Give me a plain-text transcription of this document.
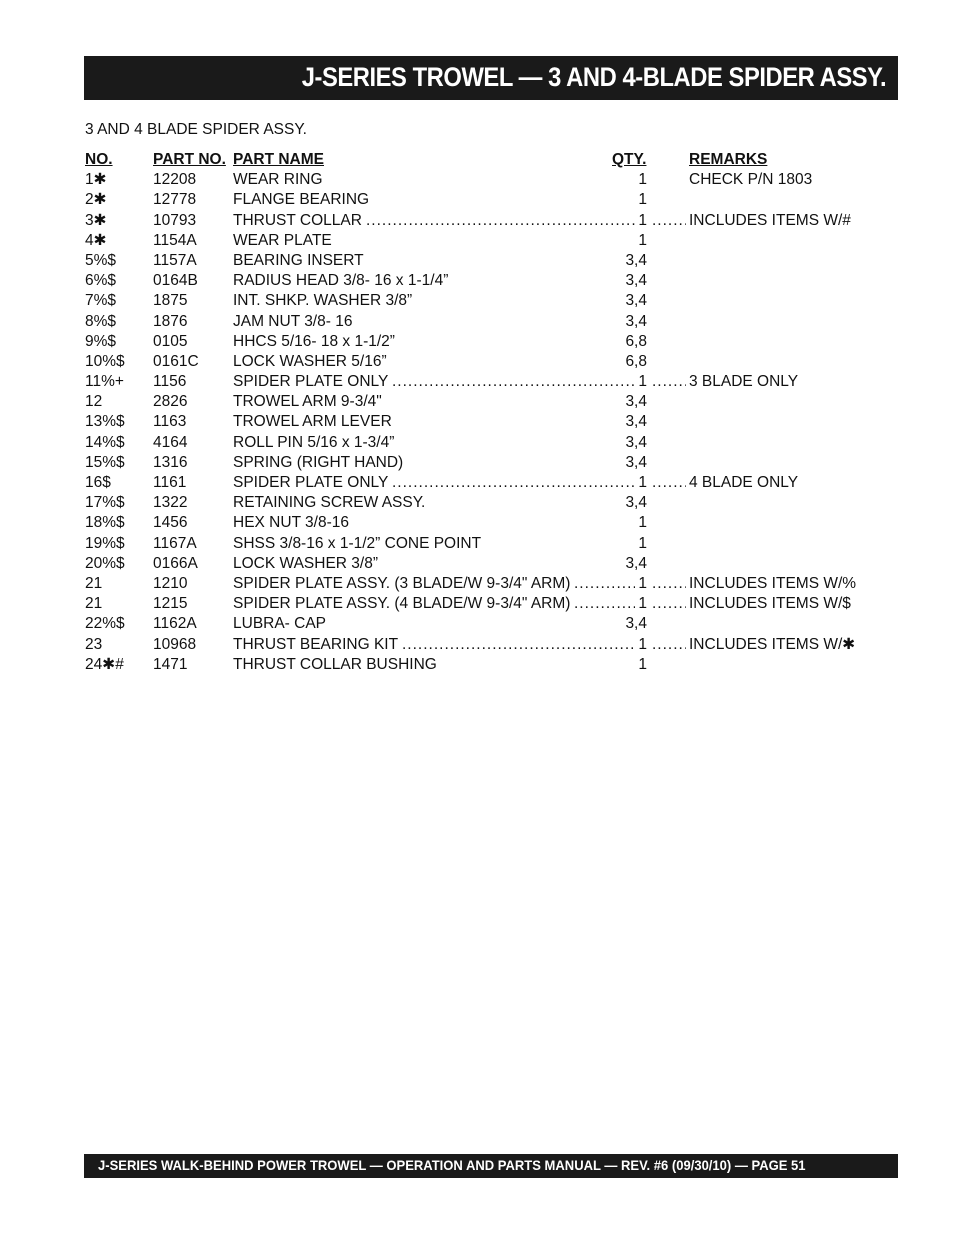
J-SERIES TROWEL — 3 AND 4-BLADE SPIDER ASSY.
3 AND 4 BLADE SPIDER ASSY.
NO.	PART NO. PART NAME	QTY.	REMARKS
1✱	12208 WEAR RING	1	CHECK P/N 1803
2✱	12778 FLANGE BEARING	1
3✱	10793 THRUST COLLAR	1	INCLUDES ITEMS W/#
.....
.....
4✱	1154A WEAR PLATE	1
5%$ 1157A BEARING INSERT	3,4
6%$ 0164B RADIUS HEAD 3/8- 16 x 1-1/4”	3,4
7%$ 1875	INT. SHKP. WASHER 3/8”	3,4
8%$ 1876	JAM NUT 3/8- 16	3,4
9%$ 0105	HHCS 5/16- 18 x 1-1/2”	6,8
10%$ 0161C LOCK WASHER 5/16”	6,8
11%+ 1156	SPIDER PLATE ONLY	1	3 BLADE ONLY
.....
.....
12	2826	TROWEL ARM 9-3/4"	3,4
13%$ 1163	TROWEL ARM LEVER	3,4
14%$ 4164	ROLL PIN 5/16 x 1-3/4”	3,4
15%$ 1316	SPRING (RIGHT HAND)	3,4
16$	1161	SPIDER PLATE ONLY	1	4 BLADE ONLY
.....
.....
17%$ 1322	RETAINING SCREW ASSY.	3,4
18%$ 1456	HEX NUT 3/8-16	1
19%$ 1167A SHSS 3/8-16 x 1-1/2” CONE POINT	1
20%$ 0166A LOCK WASHER 3/8”	3,4
21	1210	SPIDER PLATE ASSY. (3 BLADE/W 9-3/4" ARM)	1	INCLUDES ITEMS W/%
.....
.....
21	1215	SPIDER PLATE ASSY. (4 BLADE/W 9-3/4" ARM)	1	INCLUDES ITEMS W/$
.....
.....
22%$ 1162A LUBRA- CAP	3,4
23	10968 THRUST BEARING KIT	1	INCLUDES ITEMS W/✱
.....
.....
24✱# 1471	THRUST COLLAR BUSHING	1
J-SERIES WALK-BEHIND POWER TROWEL — OPERATION AND PARTS MANUAL — REV. #6 (09/30/10) — PAGE 51
